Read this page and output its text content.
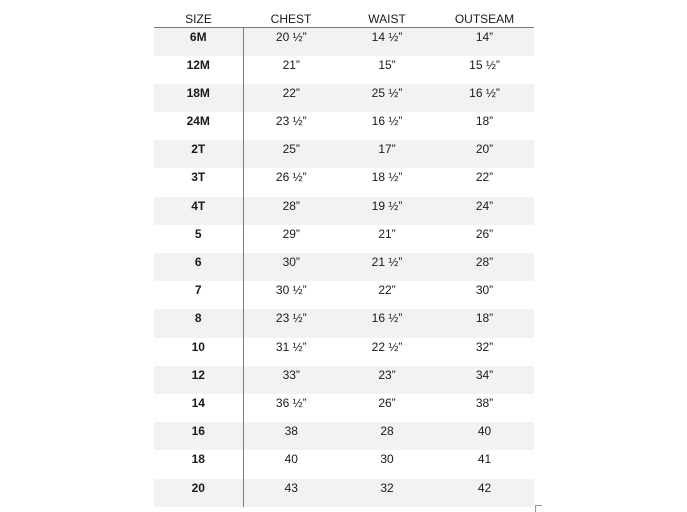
SIZE	CHEST	WAIST	OUTSEAM
6M	20 ½”	14 ½”	14”
12M	21”	15”	15 ½”
18M	22”	25 ½”	16 ½”
24M	23 ½”	16 ½”	18”
2T	25”	17”	20”
3T	26 ½”	18 ½”	22”
4T	28”	19 ½”	24”
5	29”	21”	26”
6	30”	21 ½”	28”
7	30 ½”	22”	30”
8	23 ½”	16 ½”	18”
10	31 ½”	22 ½”	32”
12	33”	23”	34”
14	36 ½”	26”	38”
16	38	28	40
18	40	30	41
20	43	32	42
